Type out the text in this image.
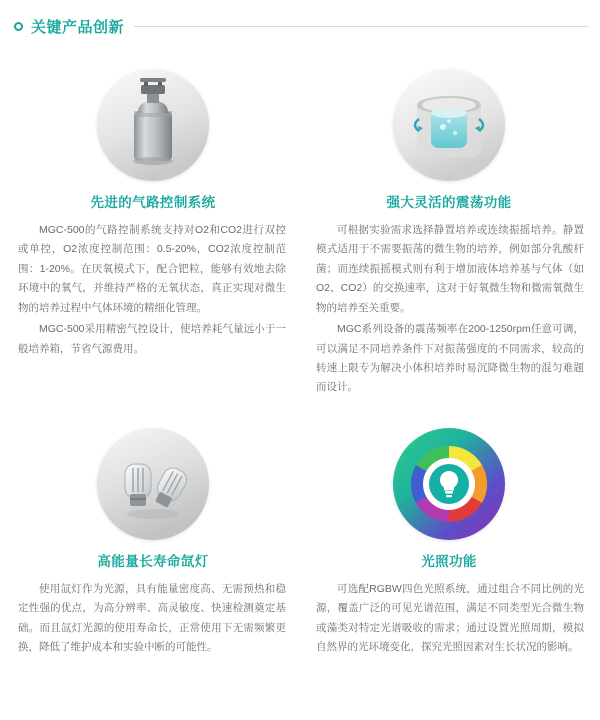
关键产品创新
先进的气路控制系统

MGC-500的气路控制系统支持对O2和CO2进行双控或单控，O2浓度控制范围：0.5-20%，CO2浓度控制范围：1-20%。在厌氧模式下，配合钯粒，能够有效地去除环境中的氧气，并维持严格的无氧状态，真正实现对微生物的培养过程中气体环境的精细化管理。

MGC-500采用精密气控设计，使培养耗气量远小于一般培养箱，节省气源费用。

强大灵活的震荡功能

可根据实验需求选择静置培养或连续振摇培养。静置模式适用于不需要振荡的微生物的培养，例如部分乳酸杆菌；而连续振摇模式则有利于增加液体培养基与气体（如O2、CO2）的交换速率，这对于好氧微生物和微需氧微生物的培养至关重要。

MGC系列设备的震荡频率在200-1250rpm任意可调，可以满足不同培养条件下对振荡强度的不同需求，较高的转速上限专为解决小体积培养时易沉降微生物的混匀难题而设计。

高能量长寿命氙灯

使用氙灯作为光源，具有能量密度高、无需预热和稳定性强的优点，为高分辨率、高灵敏度、快速检测奠定基础。而且氙灯光源的使用寿命长，正常使用下无需频繁更换，降低了维护成本和实验中断的可能性。

光照功能

可选配RGBW四色光照系统，通过组合不同比例的光源，覆盖广泛的可见光谱范围，满足不同类型光合微生物或藻类对特定光谱吸收的需求；通过设置光照周期，模拟自然界的光环境变化，探究光照因素对生长状况的影响。
